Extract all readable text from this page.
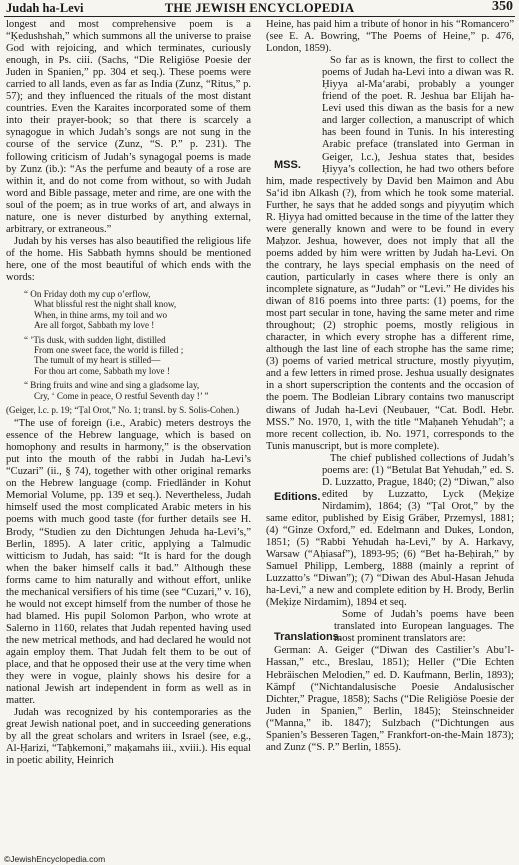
Judah ha-Levi	THE JEWISH ENCYCLOPEDIA	350

longest and most comprehensive poem is a “Ḳedushshah,” which summons all the universe to praise God with rejoicing, and which terminates, curiously enough, in Ps. ciii. (Sachs, “Die Religiöse Poesie der Juden in Spanien,” pp. 304 et seq.). These poems were carried to all lands, even as far as India (Zunz, “Ritus,” p. 57); and they influenced the rituals of the most distant countries. Even the Karaites incorporated some of them into their prayer-book; so that there is scarcely a synagogue in which Judah’s songs are not sung in the course of the service (Zunz, “S. P.” p. 231). The following criticism of Judah’s synagogal poems is made by Zunz (ib.): “As the perfume and beauty of a rose are within it, and do not come from without, so with Judah word and Bible passage, meter and rime, are one with the soul of the poem; as in true works of art, and always in nature, one is never disturbed by anything external, arbitrary, or extraneous.”

Judah by his verses has also beautified the religious life of the home. His Sabbath hymns should be mentioned here, one of the most beautiful of which ends with the words:

“ On Friday doth my cup o’erflow,
What blissful rest the night shall know,
When, in thine arms, my toil and wo
Are all forgot, Sabbath my love !
“ ’Tis dusk, with sudden light, distilled
From one sweet face, the world is filled ;
The tumult of my heart is stilled—
For thou art come, Sabbath my love !
“ Bring fruits and wine and sing a gladsome lay,
Cry, ‘ Come in peace, O restful Seventh day !’ ”
(Geiger, l.c. p. 19; “Ṭal Orot,” No. 1; transl. by S. Solis-Cohen.)

“The use of foreign (i.e., Arabic) meters destroys the essence of the Hebrew language, which is based on homophony and results in harmony,” is the observation put into the mouth of the rabbi in Judah ha-Levi’s “Cuzari” (ii., § 74), together with other original remarks on the Hebrew language (comp. Friedländer in Kohut Memorial Volume, pp. 139 et seq.). Nevertheless, Judah himself used the most complicated Arabic meters in his poems with much good taste (for further details see H. Brody, “Studien zu den Dichtungen Jehuda ha-Levi’s,” Berlin, 1895). A later critic, applying a Talmudic witticism to Judah, has said: “It is hard for the dough when the baker himself calls it bad.” Although these forms came to him naturally and without effort, unlike the mechanical versifiers of his time (see “Cuzari,” v. 16), he would not except himself from the number of those he had blamed. His pupil Solomon Parḥon, who wrote at Salerno in 1160, relates that Judah repented having used the new metrical methods, and had declared he would not again employ them. That Judah felt them to be out of place, and that he opposed their use at the very time when they were in vogue, plainly shows his desire for a national Jewish art independent in form as well as in matter.

Judah was recognized by his contemporaries as the great Jewish national poet, and in succeeding generations by all the great scholars and writers in Israel (see, e.g., Al-Ḥarizi, “Taḥkemoni,” maḳamahs iii., xviii.). His equal in poetic ability, Heinrich

Heine, has paid him a tribute of honor in his “Romancero” (see E. A. Bowring, “The Poems of Heine,” p. 476, London, 1859).

MSS.
So far as is known, the first to collect the poems of Judah ha-Levi into a diwan was R. Ḥiyya al-Ma‘arabi, probably a younger friend of the poet. R. Jeshua bar Elijah ha-Levi used this diwan as the basis for a new and larger collection, a manuscript of which has been found in Tunis. In his interesting Arabic preface (translated into German in Geiger, l.c.), Jeshua states that, besides Ḥiyya’s collection, he had two others before him, made respectively by David ben Maimon and Abu Sa‘id ibn Alkash (?), from which he took some material. Further, he says that he added songs and piyyuṭim which R. Ḥiyya had omitted because in the time of the latter they were generally known and were to be found in every Maḥzor. Jeshua, however, does not imply that all the poems added by him were written by Judah ha-Levi. On the contrary, he lays special emphasis on the need of caution, particularly in cases where there is only an incomplete signature, as “Judah” or “Levi.” He divides his diwan of 816 poems into three parts: (1) poems, for the most part secular in tone, having the same meter and rime throughout; (2) strophic poems, mostly religious in character, in which every strophe has a different rime, although the last line of each strophe has the same rime; (3) poems of varied metrical structure, mostly piyyuṭim, and a few letters in rimed prose. Jeshua usually designates in a short superscription the contents and the occasion of the poem. The Bodleian Library contains two manuscript diwans of Judah ha-Levi (Neubauer, “Cat. Bodl. Hebr. MSS.” No. 1970, 1, with the title “Maḥaneh Yehudah”; a more recent collection, ib. No. 1971, corresponds to the Tunis manuscript, but is more complete).

Editions.
The chief published collections of Judah’s poems are: (1) “Betulat Bat Yehudah,” ed. S. D. Luzzatto, Prague, 1840; (2) “Diwan,” also edited by Luzzatto, Lyck (Meḳiẓe Nirdamim), 1864; (3) “Ṭal Orot,” by the same editor, published by Eisig Gräber, Przemysl, 1881; (4) “Ginze Oxford,” ed. Edelmann and Dukes, London, 1851; (5) “Rabbi Yehudah ha-Levi,” by A. Harkavy, Warsaw (“Aḥiasaf”), 1893-95; (6) “Bet ha-Beḥirah,” by Samuel Philipp, Lemberg, 1888 (mainly a reprint of Luzzatto’s “Diwan”); (7) “Diwan des Abul-Hasan Jehuda ha-Levi,” a new and complete edition by H. Brody, Berlin (Meḳiẓe Nirdamim), 1894 et seq.

Translations.
Some of Judah’s poems have been translated into European languages. The most prominent translators are:

German: A. Geiger (“Diwan des Castilier’s Abu’l-Hassan,” etc., Breslau, 1851); Heller (“Die Echten Hebräischen Melodien,” ed. D. Kaufmann, Berlin, 1893); Kämpf (“Nichtandalusische Poesie Andalusischer Dichter,” Prague, 1858); Sachs (“Die Religiöse Poesie der Juden in Spanien,” Berlin, 1845); Steinschneider (“Manna,” ib. 1847); Sulzbach (“Dichtungen aus Spanien’s Besseren Tagen,” Frankfort-on-the-Main 1873); and Zunz (“S. P.” Berlin, 1855).

©JewishEncyclopedia.com
